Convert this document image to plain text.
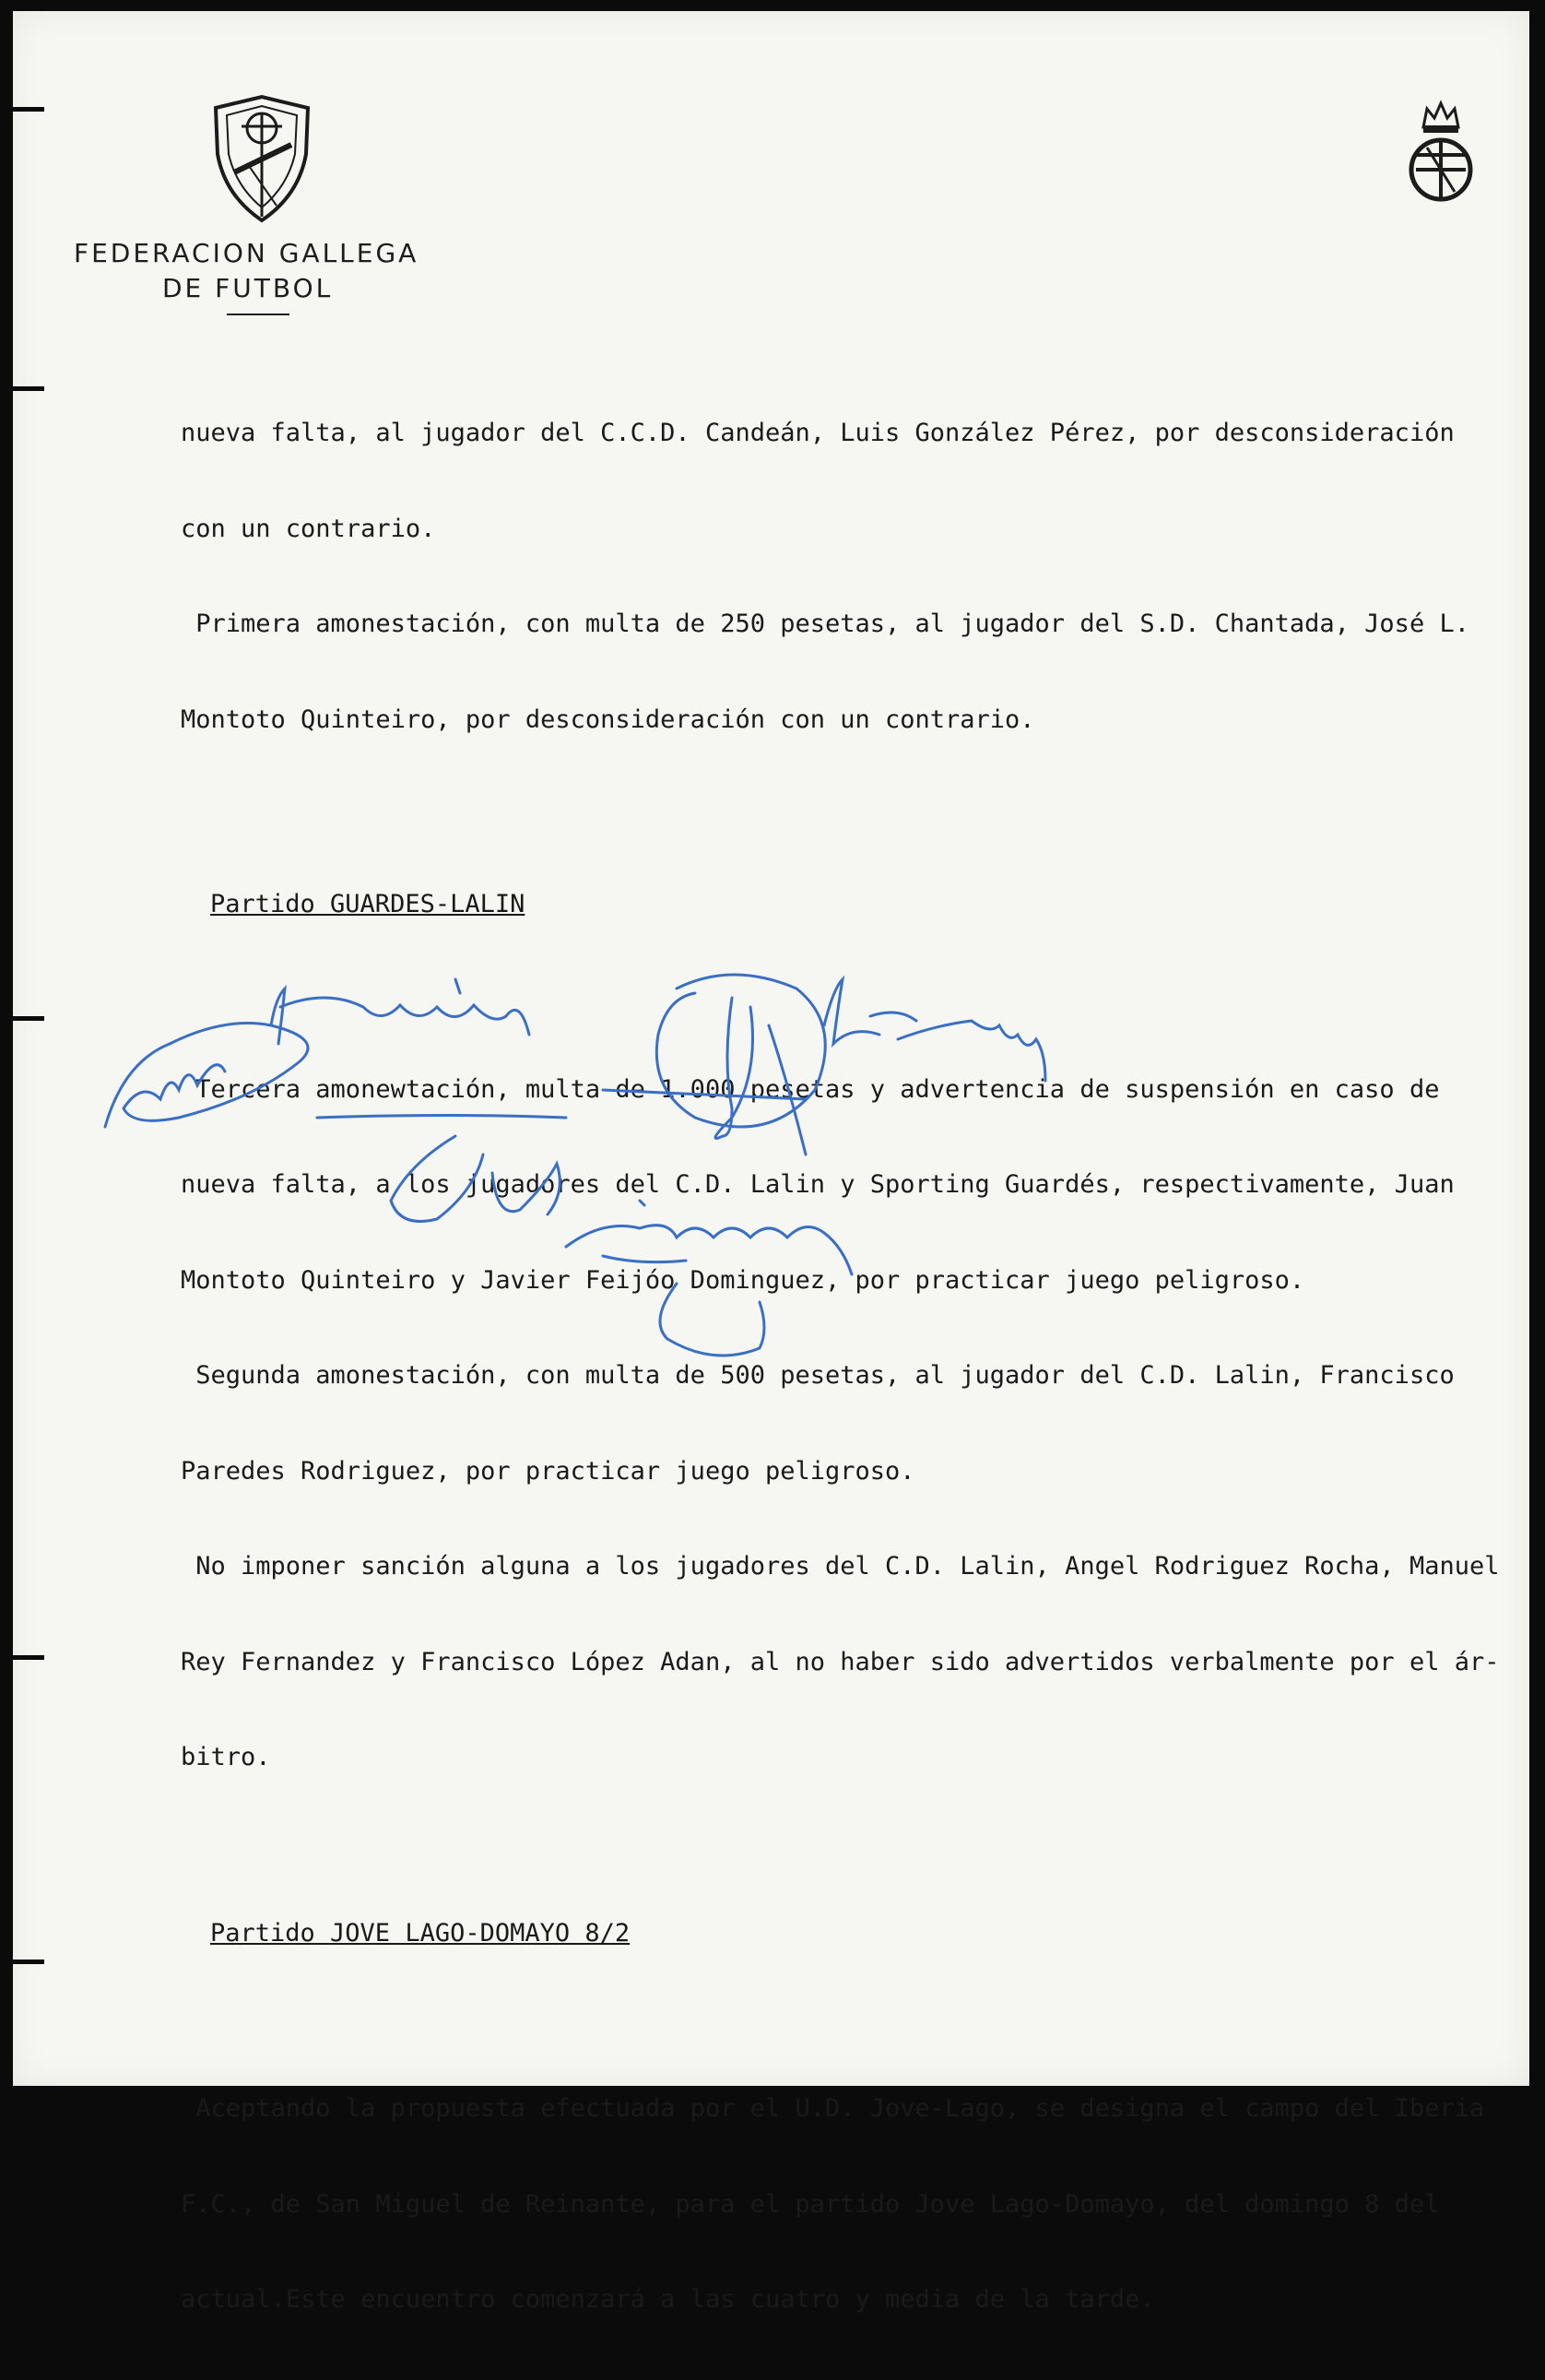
FEDERACION GALLEGA
DE FUTBOL

nueva falta, al jugador del C.C.D. Candeán, Luis González Pérez, por desconsideración

con un contrario.

Primera amonestación, con multa de 250 pesetas, al jugador del S.D. Chantada, José L.

Montoto Quinteiro, por desconsideración con un contrario.

Partido GUARDES-LALIN

Tercera amonewtación, multa de 1.000 pesetas y advertencia de suspensión en caso de

nueva falta, a los jugadores del C.D. Lalin y Sporting Guardés, respectivamente, Juan

Montoto Quinteiro y Javier Feijóo Dominguez, por practicar juego peligroso.

Segunda amonestación, con multa de 500 pesetas, al jugador del C.D. Lalin, Francisco

Paredes Rodriguez, por practicar juego peligroso.

No imponer sanción alguna a los jugadores del C.D. Lalin, Angel Rodriguez Rocha, Manuel

Rey Fernandez y Francisco López Adan, al no haber sido advertidos verbalmente por el ár-

bitro.

Partido JOVE LAGO-DOMAYO 8/2

Aceptando la propuesta efectuada por el U.D. Jove-Lago, se designa el campo del Iberia

F.C., de San Miguel de Reinante, para el partido Jove Lago-Domayo, del domingo 8 del

actual.Este encuentro comenzará a las cuatro y media de la tarde.
